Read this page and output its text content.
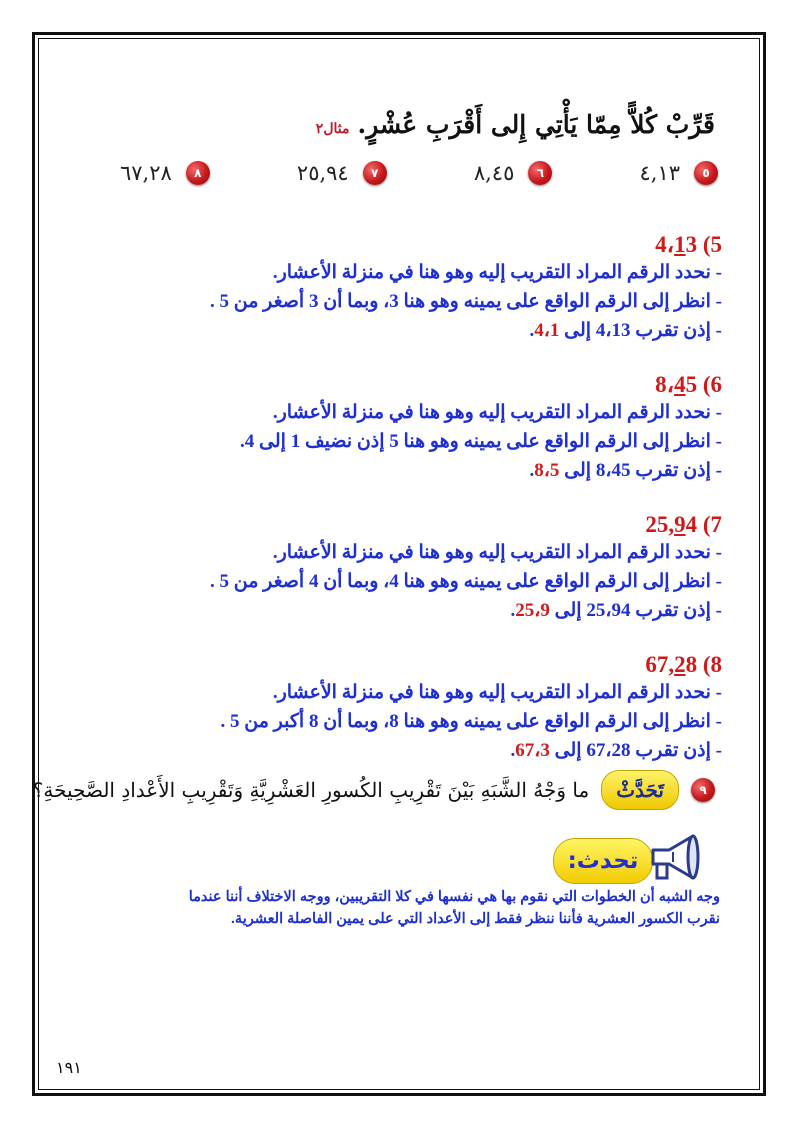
قَرِّبْ كُلاًّ مِمّا يَأْتِي إِلى أَقْرَبِ عُشْرٍ.
مثال٢
٥
٤,١٣
٦
٨,٤٥
٧
٢٥,٩٤
٨
٦٧,٢٨
4،13 (5
- نحدد الرقم المراد التقريب إليه وهو هنا في منزلة الأعشار.
- انظر إلى الرقم الواقع على يمينه وهو هنا 3، وبما أن 3 أصغر من 5 .
- إذن تقرب 4،13 إلى 4،1.
8،45 (6
- نحدد الرقم المراد التقريب إليه وهو هنا في منزلة الأعشار.
- انظر إلى الرقم الواقع على يمينه وهو هنا 5 إذن نضيف 1 إلى 4.
- إذن تقرب 8،45 إلى 8،5.
25,94 (7
- نحدد الرقم المراد التقريب إليه وهو هنا في منزلة الأعشار.
- انظر إلى الرقم الواقع على يمينه وهو هنا 4، وبما أن 4 أصغر من 5 .
- إذن تقرب 25،94 إلى 25،9.
67,28 (8
- نحدد الرقم المراد التقريب إليه وهو هنا في منزلة الأعشار.
- انظر إلى الرقم الواقع على يمينه وهو هنا 8، وبما أن 8 أكبر من 5 .
- إذن تقرب 67،28 إلى 67،3.
٩
تَحَدَّثْ
ما وَجْهُ الشَّبَهِ بَيْنَ تَقْرِيبِ الكُسورِ العَشْرِيَّةِ وَتَقْرِيبِ الأَعْدادِ الصَّحِيحَةِ؟
تحدث:
وجه الشبه أن الخطوات التي نقوم بها هي نفسها في كلا التقريبين، ووجه الاختلاف أننا عندما
نقرب الكسور العشرية فأننا ننظر فقط إلى الأعداد التي على يمين الفاصلة العشرية.
١٩١
